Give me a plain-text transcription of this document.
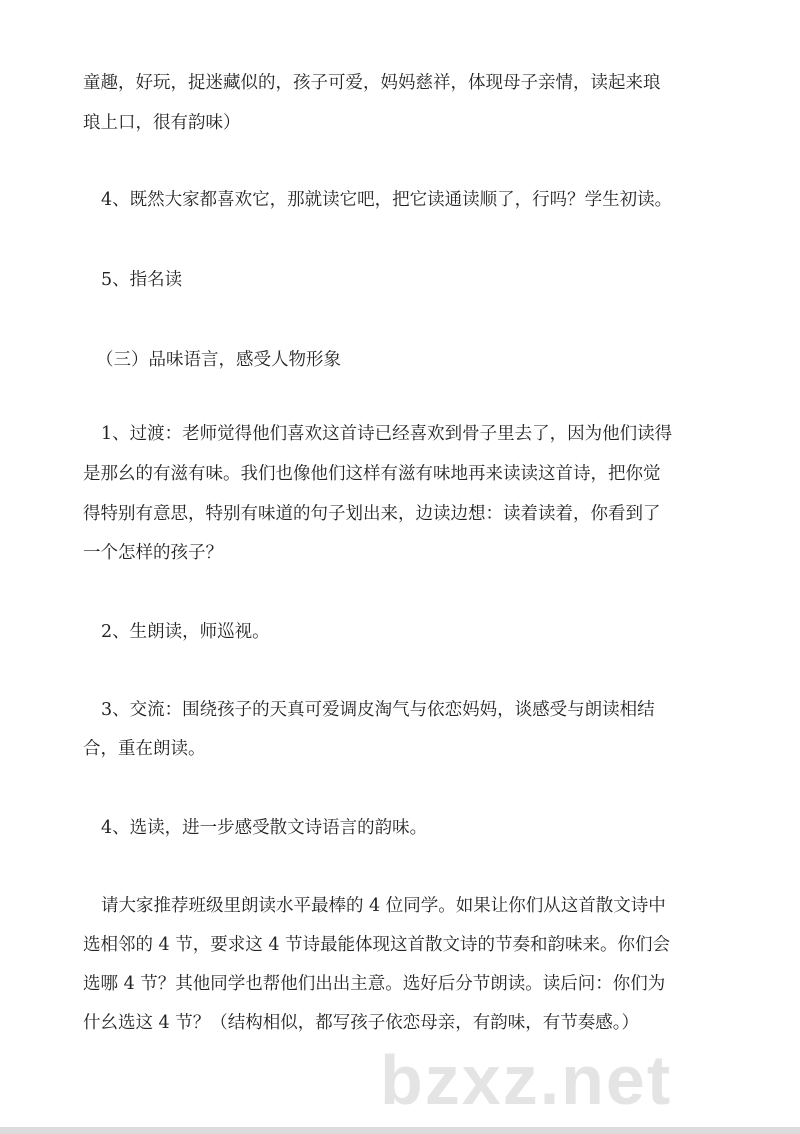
bzxz.net
童趣，好玩，捉迷藏似的，孩子可爱，妈妈慈祥，体现母子亲情，读起来琅
琅上口，很有韵味）
4、既然大家都喜欢它，那就读它吧，把它读通读顺了，行吗？学生初读。
5、指名读
（三）品味语言，感受人物形象
1、过渡：老师觉得他们喜欢这首诗已经喜欢到骨子里去了，因为他们读得
是那幺的有滋有味。我们也像他们这样有滋有味地再来读读这首诗，把你觉
得特别有意思，特别有味道的句子划出来，边读边想：读着读着，你看到了
一个怎样的孩子？
2、生朗读，师巡视。
3、交流：围绕孩子的天真可爱调皮淘气与依恋妈妈，谈感受与朗读相结
合，重在朗读。
4、选读，进一步感受散文诗语言的韵味。
请大家推荐班级里朗读水平最棒的 4 位同学。如果让你们从这首散文诗中
选相邻的 4 节，要求这 4 节诗最能体现这首散文诗的节奏和韵味来。你们会
选哪 4 节？其他同学也帮他们出出主意。选好后分节朗读。读后问：你们为
什幺选这 4 节？（结构相似，都写孩子依恋母亲，有韵味，有节奏感。）
